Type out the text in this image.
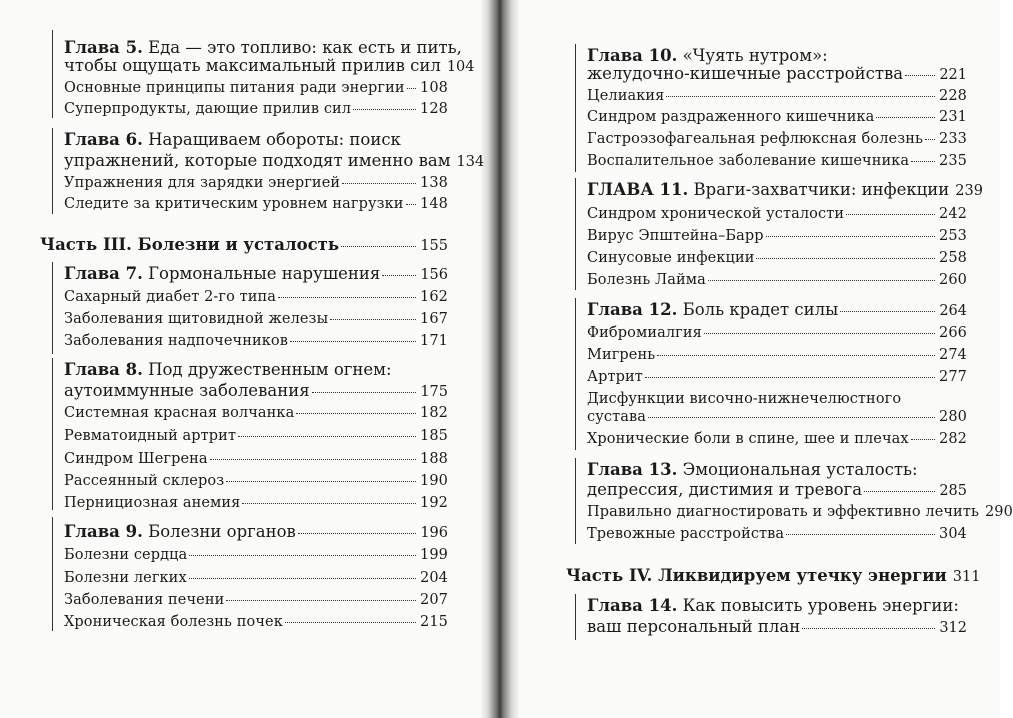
Глава 5.
Еда — это топливо: как есть и пить,
чтобы ощущать максимальный прилив сил 104
Основные принципы питания ради энергии 108
Суперпродукты, дающие прилив сил	128
Глава 6.
Наращиваем обороты: поиск
упражнений, которые подходят именно вам 134
Упражнения для зарядки энергией	138
Следите за критическим уровнем нагрузки 148
Часть III. Болезни и усталость	155
Глава 7.
Гормональные нарушения	156
Сахарный диабет 2-го типа	162
Заболевания щитовидной железы	167
Заболевания надпочечников	171
Глава 8.
Под дружественным огнем:
аутоиммунные заболевания	175
Системная красная волчанка	182
Ревматоидный артрит	185
Синдром Шегрена	188
Рассеянный склероз	190
Пернициозная анемия	192
Глава 9.
Болезни органов	196
Болезни сердца	199
Болезни легких	204
Заболевания печени	207
Хроническая болезнь почек	215
Глава 10.
«Чуять нутром»:
желудочно-кишечные расстройства 221
Целиакия	228
Синдром раздраженного кишечника	231
Гастроэзофагеальная рефлюксная болезнь 233
Воспалительное заболевание кишечника 235
ГЛАВА 11.
Враги-захватчики: инфекции 239
Синдром хронической усталости	242
Вирус Эпштейна–Барр	253
Синусовые инфекции	258
Болезнь Лайма	260
Глава 12.
Боль крадет силы	264
Фибромиалгия	266
Мигрень	274
Артрит	277
Дисфункции височно-нижнечелюстного
сустава	280
Хронические боли в спине, шее и плечах 282
Глава 13.
Эмоциональная усталость:
депрессия, дистимия и тревога	285
Правильно диагностировать и эффективно лечить 290
Тревожные расстройства	304
Часть IV. Ликвидируем утечку энергии 311
Глава 14.
Как повысить уровень энергии:
ваш персональный план	312
